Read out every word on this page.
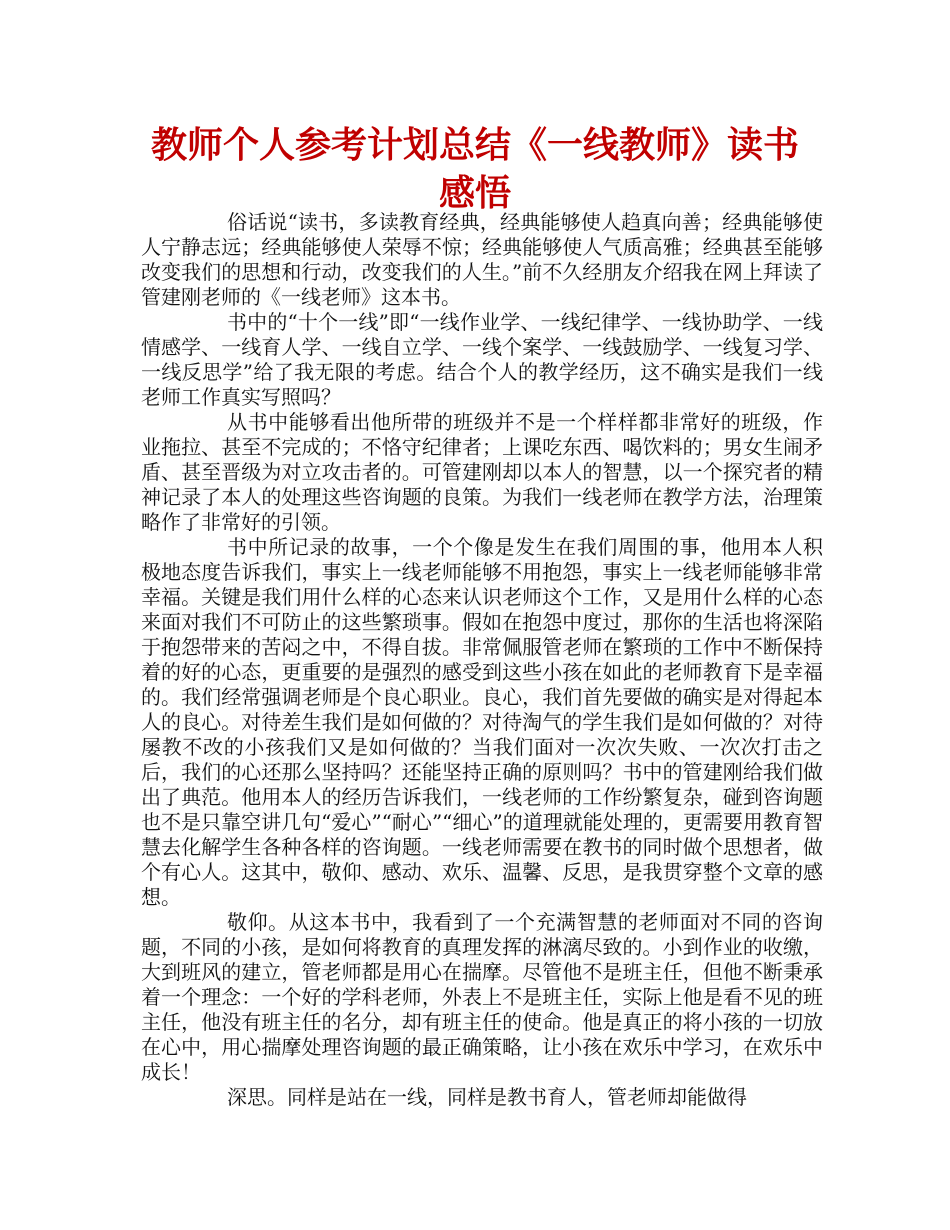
教师个人参考计划总结《一线教师》读书感悟

俗话说“读书，多读教育经典，经典能够使人趋真向善；经典能够使人宁静志远；经典能够使人荣辱不惊；经典能够使人气质高雅；经典甚至能够改变我们的思想和行动，改变我们的人生。”前不久经朋友介绍我在网上拜读了管建刚老师的《一线老师》这本书。

书中的“十个一线”即“一线作业学、一线纪律学、一线协助学、一线情感学、一线育人学、一线自立学、一线个案学、一线鼓励学、一线复习学、一线反思学”给了我无限的考虑。结合个人的教学经历，这不确实是我们一线老师工作真实写照吗？

从书中能够看出他所带的班级并不是一个样样都非常好的班级，作业拖拉、甚至不完成的；不恪守纪律者；上课吃东西、喝饮料的；男女生闹矛盾、甚至晋级为对立攻击者的。可管建刚却以本人的智慧，以一个探究者的精神记录了本人的处理这些咨询题的良策。为我们一线老师在教学方法，治理策略作了非常好的引领。

书中所记录的故事，一个个像是发生在我们周围的事，他用本人积极地态度告诉我们，事实上一线老师能够不用抱怨，事实上一线老师能够非常幸福。关键是我们用什么样的心态来认识老师这个工作，又是用什么样的心态来面对我们不可防止的这些繁琐事。假如在抱怨中度过，那你的生活也将深陷于抱怨带来的苦闷之中，不得自拔。非常佩服管老师在繁琐的工作中不断保持着的好的心态，更重要的是强烈的感受到这些小孩在如此的老师教育下是幸福的。我们经常强调老师是个良心职业。良心，我们首先要做的确实是对得起本人的良心。对待差生我们是如何做的？对待淘气的学生我们是如何做的？对待屡教不改的小孩我们又是如何做的？当我们面对一次次失败、一次次打击之后，我们的心还那么坚持吗？还能坚持正确的原则吗？书中的管建刚给我们做出了典范。他用本人的经历告诉我们，一线老师的工作纷繁复杂，碰到咨询题也不是只靠空讲几句“爱心”“耐心”“细心”的道理就能处理的，更需要用教育智慧去化解学生各种各样的咨询题。一线老师需要在教书的同时做个思想者，做个有心人。这其中，敬仰、感动、欢乐、温馨、反思，是我贯穿整个文章的感想。

敬仰。从这本书中，我看到了一个充满智慧的老师面对不同的咨询题，不同的小孩，是如何将教育的真理发挥的淋漓尽致的。小到作业的收缴，大到班风的建立，管老师都是用心在揣摩。尽管他不是班主任，但他不断秉承着一个理念：一个好的学科老师，外表上不是班主任，实际上他是看不见的班主任，他没有班主任的名分，却有班主任的使命。他是真正的将小孩的一切放在心中，用心揣摩处理咨询题的最正确策略，让小孩在欢乐中学习，在欢乐中成长！

深思。同样是站在一线，同样是教书育人，管老师却能做得
